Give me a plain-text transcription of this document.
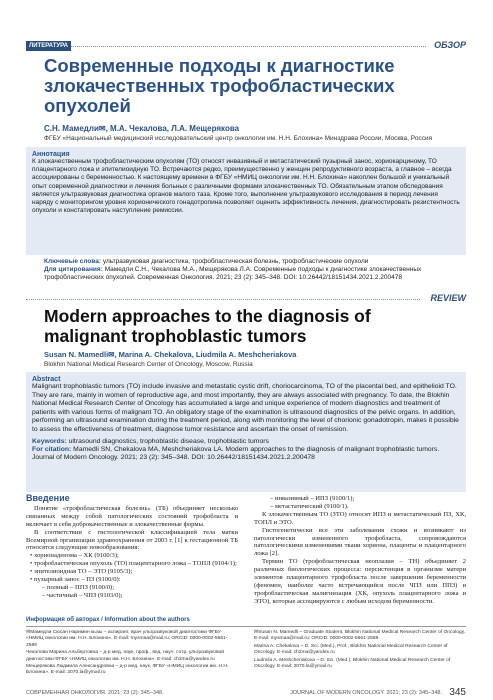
ЛИТЕРАТУРА	ОБЗОР
Современные подходы к диагностике злокачественных трофобластических опухолей
С.Н. Мамедли✉, М.А. Чекалова, Л.А. Мещерякова
ФГБУ «Национальный медицинский исследовательский центр онкологии им. Н.Н. Блохина» Минздрава России, Москва, Россия
Аннотация
К злокачественным трофобластическим опухолям (ТО) относят инвазивный и метастатический пузырный занос, хориокарциному, ТО плацентарного ложа и эпителиоидную ТО. Встречаются редко, преимущественно у женщин репродуктивного возраста, а главное – всегда ассоциированы с беременностью. К настоящему времени в ФГБУ «НМИЦ онкологии им. Н.Н. Блохина» накоплен большой и уникальный опыт современной диагностики и лечения больных с различными формами злокачественных ТО. Обязательным этапом обследования является ультразвуковая диагностика органов малого таза. Кроме того, выполнение ультразвукового исследования в период лечения наряду с мониторингом уровня хорионического гонадотропина позволяет оценить эффективность лечения, диагностировать резистентность опухоли и констатировать наступление ремиссии.
Ключевые слова: ультразвуковая диагностика, трофобластическая болезнь, трофобластические опухоли
Для цитирования: Мамедли С.Н., Чекалова М.А., Мещерякова Л.А. Современные подходы к диагностике злокачественных трофобластических опухолей. Современная Онкология. 2021; 23 (2): 345–348. DOI: 10.26442/18151434.2021.2.200478
REVIEW
Modern approaches to the diagnosis of malignant trophoblastic tumors
Susan N. Mamedli✉, Marina A. Chekalova, Liudmila A. Meshcheriakova
Blokhin National Medical Research Center of Oncology, Moscow, Russia
Abstract
Malignant trophoblastic tumors (TO) include invasive and metastatic cystic drift, choriocarcinoma, TO of the placental bed, and epithelioid TO. They are rare, mainly in women of reproductive age, and most importantly, they are always associated with pregnancy. To date, the Blokhin National Medical Research Center of Oncology has accumulated a large and unique experience of modern diagnostics and treatment of patients with various forms of malignant TO. An obligatory stage of the examination is ultrasound diagnostics of the pelvic organs. In addition, performing an ultrasound examination during the treatment period, along with monitoring the level of chorionic gonadotropin, makes it possible to assess the effectiveness of treatment, diagnose tumor resistance and ascertain the onset of remission.
Keywords: ultrasound diagnostics, trophoblastic disease, trophoblastic tumors
For citation: Mamedli SN, Chekalova MA, Meshcheriakova LA. Modern approaches to the diagnosis of malignant trophoblastic tumors. Journal of Modern Oncology. 2021; 23 (2): 345–348. DOI: 10.26442/18151434.2021.2.200478
Введение

Понятие «трофобластическая болезнь» (ТБ) объединяет несколько связанных между собой патологических состояний трофобласта и включает в себя доброкачественные и злокачественные формы.

В соответствии с гистологической классификацией тела матки Всемирной организации здравоохранения от 2003 г. [1] к гестационной ТБ относятся следующие новообразования:

• хорионаденома – ХК (9100/3);
• трофобластическая опухоль (ТО) плацентарного ложа – ТОПЛ (9104/1);
• эпителиоидная ТО – ЭТО (9105/3);
• пузырный занос – ПЗ (9100/0):
– полный – ППЗ (9100/0);
– частичный – ЧПЗ (9103/0);
– инвазивный – ИПЗ (9100/1);
– метастатический (9100/1).

К злокачественным ТО (ЗТО) относят ИПЗ и метастатический ПЗ, ХК, ТОПЛ и ЭТО.

Гистогенетически все эти заболевания схожи и возникают из патологически измененного трофобласта, сопровождаются патологическими изменениями ткани хориона, плаценты и плацентарного ложа [2].

Термин ТО (трофобластическая неоплазия – ТН) объединяет 2 различных биологических процесса: персистенция в организме матери элементов плацентарного трофобласта после завершения беременности (феномен, наиболее часто встречающийся после ЧПЗ или ППЗ) и трофобластическая малигнизация (ХК, опухоль плацентарного ложа и ЭТО), которые ассоциируются с любым исходом беременности.

Информация об авторах / Information about the authors
✉Мамедли Сюсан Наримин кызы – аспирант, врач ультразвуковой диагностики ФГБУ «НМИЦ онкологии им. Н.Н. Блохина». E-mail: mysmaa@mail.ru; ORCID: 0000-0002-5661-2589
Чекалова Марина Альбертовна – д-р мед. наук, проф., вед. науч. сотр. ультразвуковой диагностики ФГБУ «НМИЦ онкологии им. Н.Н. Блохина». E-mail: ch2ma@yandex.ru
Мещерякова Людмила Александровна – д-р мед. наук, ФГБУ «НМИЦ онкологии им. Н.Н. Блохина». E-mail: 2070.la@ymail.ru
✉Susan N. Mamedli – Graduate Student, Blokhin National Medical Research Center of Oncology. E-mail: mysmaa@mail.ru; ORCID: 0000-0002-5661-2589
Marina A. Chekalova – D. Sci. (Med.), Prof., Blokhin National Medical Research Center of Oncology. E-mail: ch2ma@yandex.ru
Liudmila A. Meshcheriakova – D. Sci. (Med.), Blokhin National Medical Research Center of Oncology. E-mail: 2070.la@ymail.ru
СОВРЕМЕННАЯ ОНКОЛОГИЯ. 2021; 23 (2): 345–348.	JOURNAL OF MODERN ONCOLOGY. 2021; 23 (2): 345–348. 345
